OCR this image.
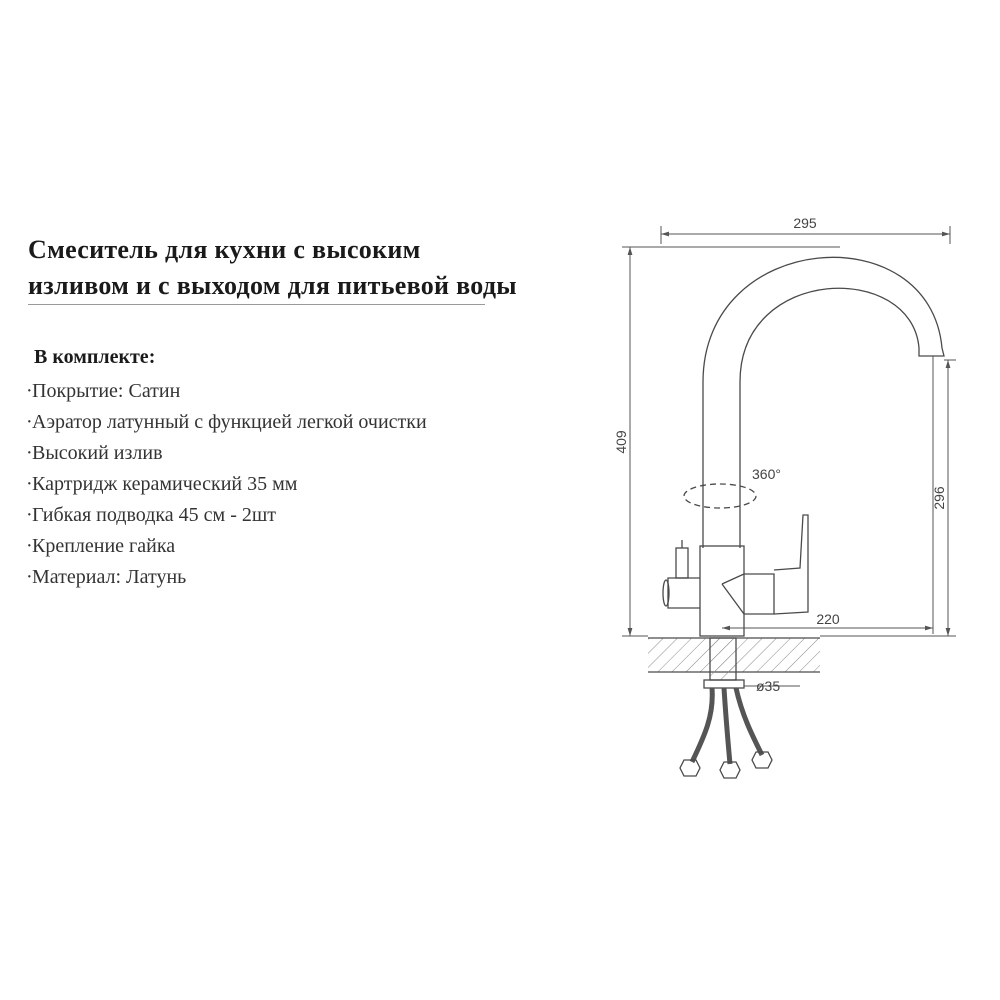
Смеситель для кухни с высоким
изливом и с выходом для питьевой воды
В комплекте:
·Покрытие: Сатин
·Аэратор латунный с функцией легкой очистки
·Высокий излив
·Картридж керамический 35 мм
·Гибкая подводка 45 см - 2шт
·Крепление гайка
·Материал: Латунь
295
409
296
220
360°
ø35
